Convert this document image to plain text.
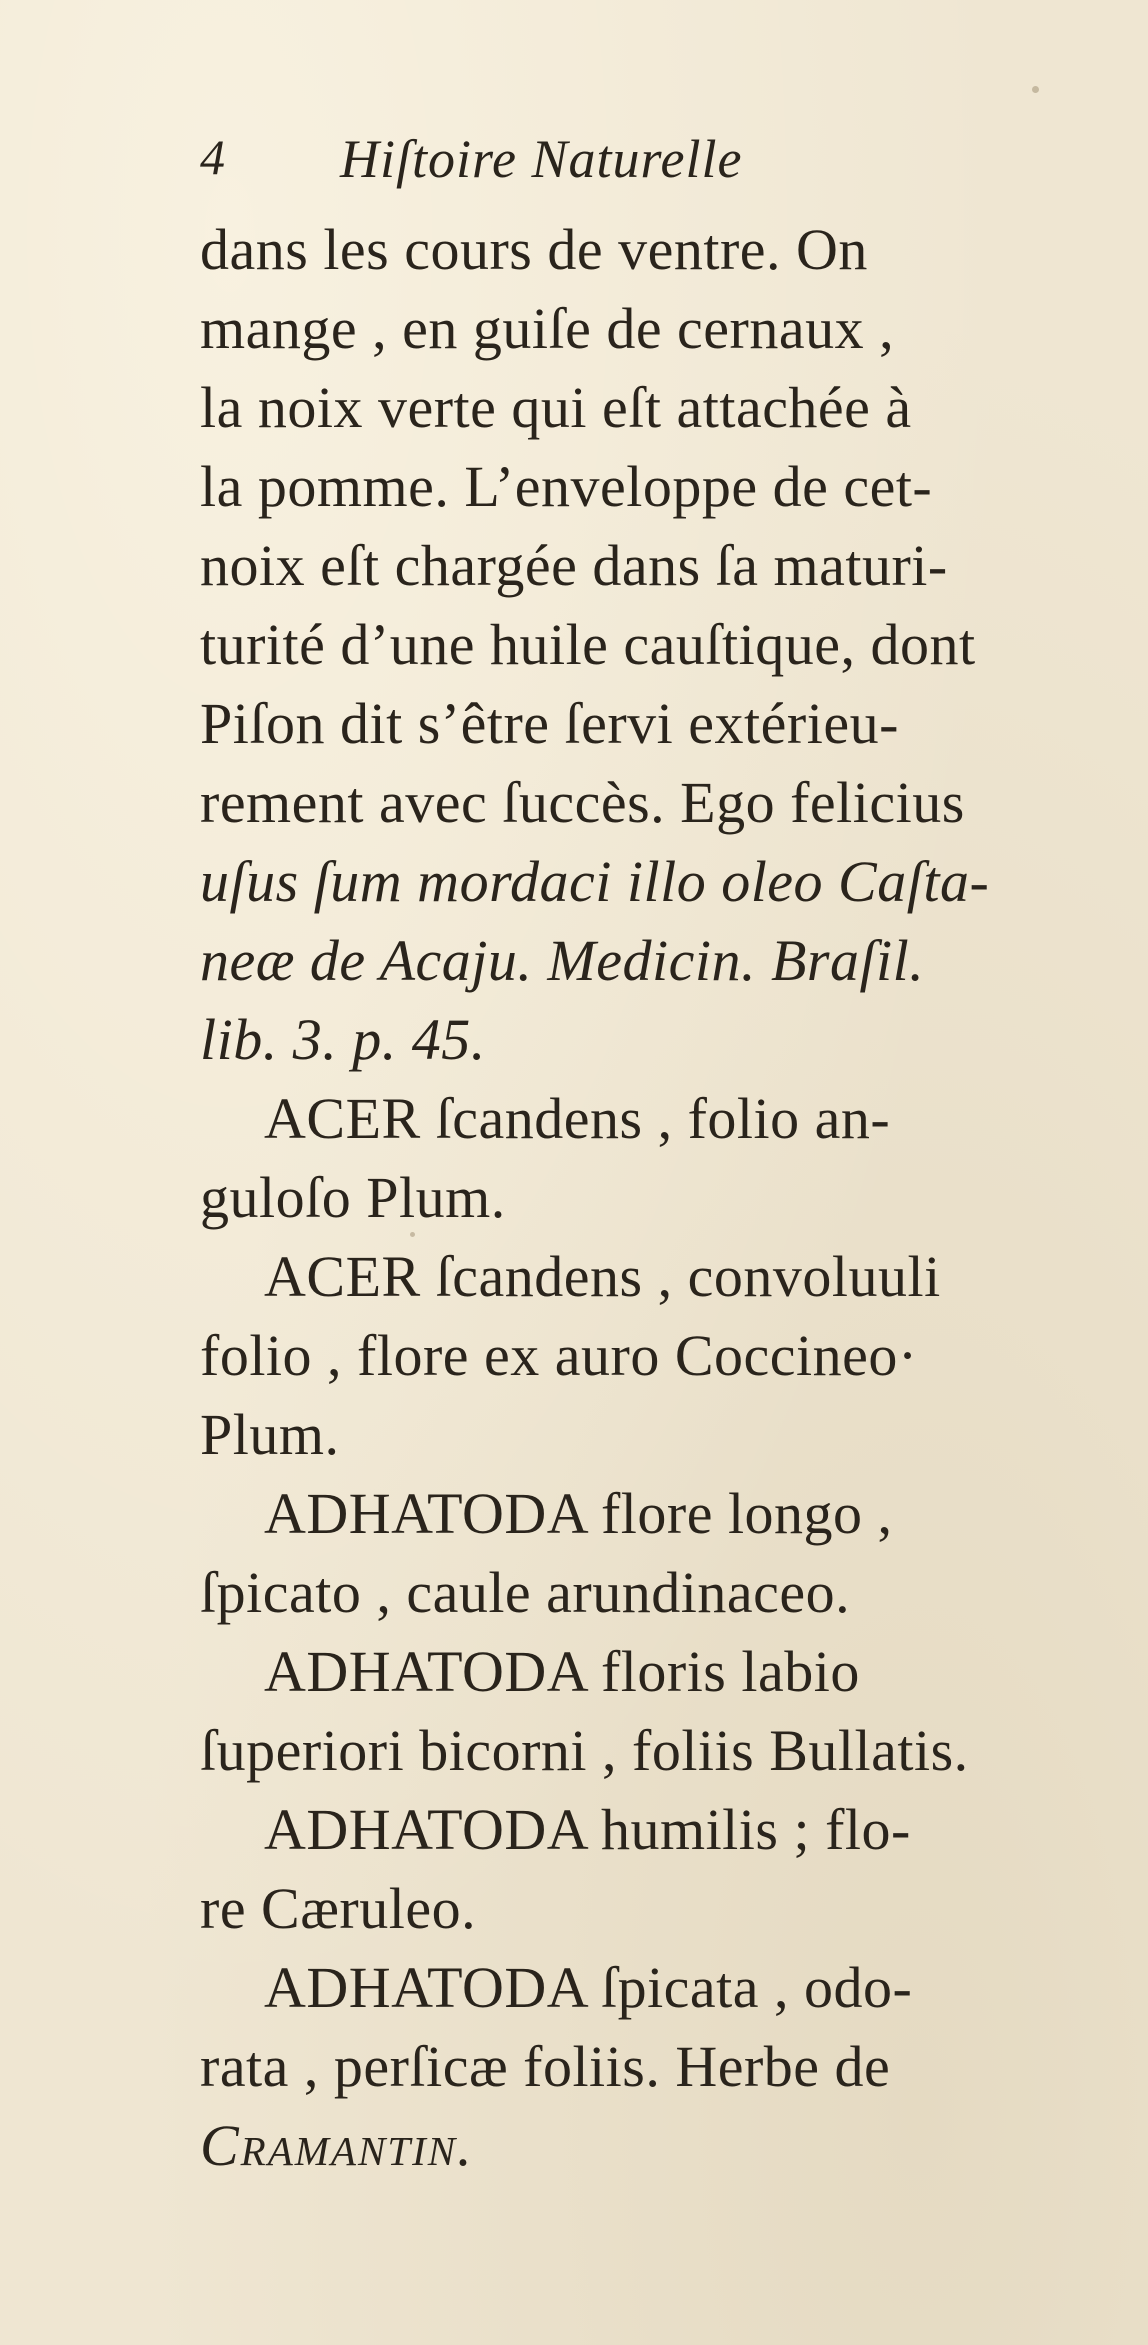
4 Hiſtoire Naturelle
dans les cours de ventre. On
mange , en guiſe de cernaux ,
la noix verte qui eſt attachée à
la pomme. L’enveloppe de cet-
noix eſt chargée dans ſa maturi-
turité d’une huile cauſtique, dont
Piſon dit s’être ſervi extérieu-
rement avec ſuccès. Ego felicius
uſus ſum mordaci illo oleo Caſta-
neæ de Acaju. Medicin. Braſil.
lib. 3. p. 45.
ACER ſcandens , folio an-
guloſo Plum.
ACER ſcandens , convoluuli
folio , flore ex auro Coccineo·
Plum.
ADHATODA flore longo ,
ſpicato , caule arundinaceo.
ADHATODA floris labio
ſuperiori bicorni , foliis Bullatis.
ADHATODA humilis ; flo-
re Cæruleo.
ADHATODA ſpicata , odo-
rata , perſicæ foliis. Herbe de
Cramantin.
